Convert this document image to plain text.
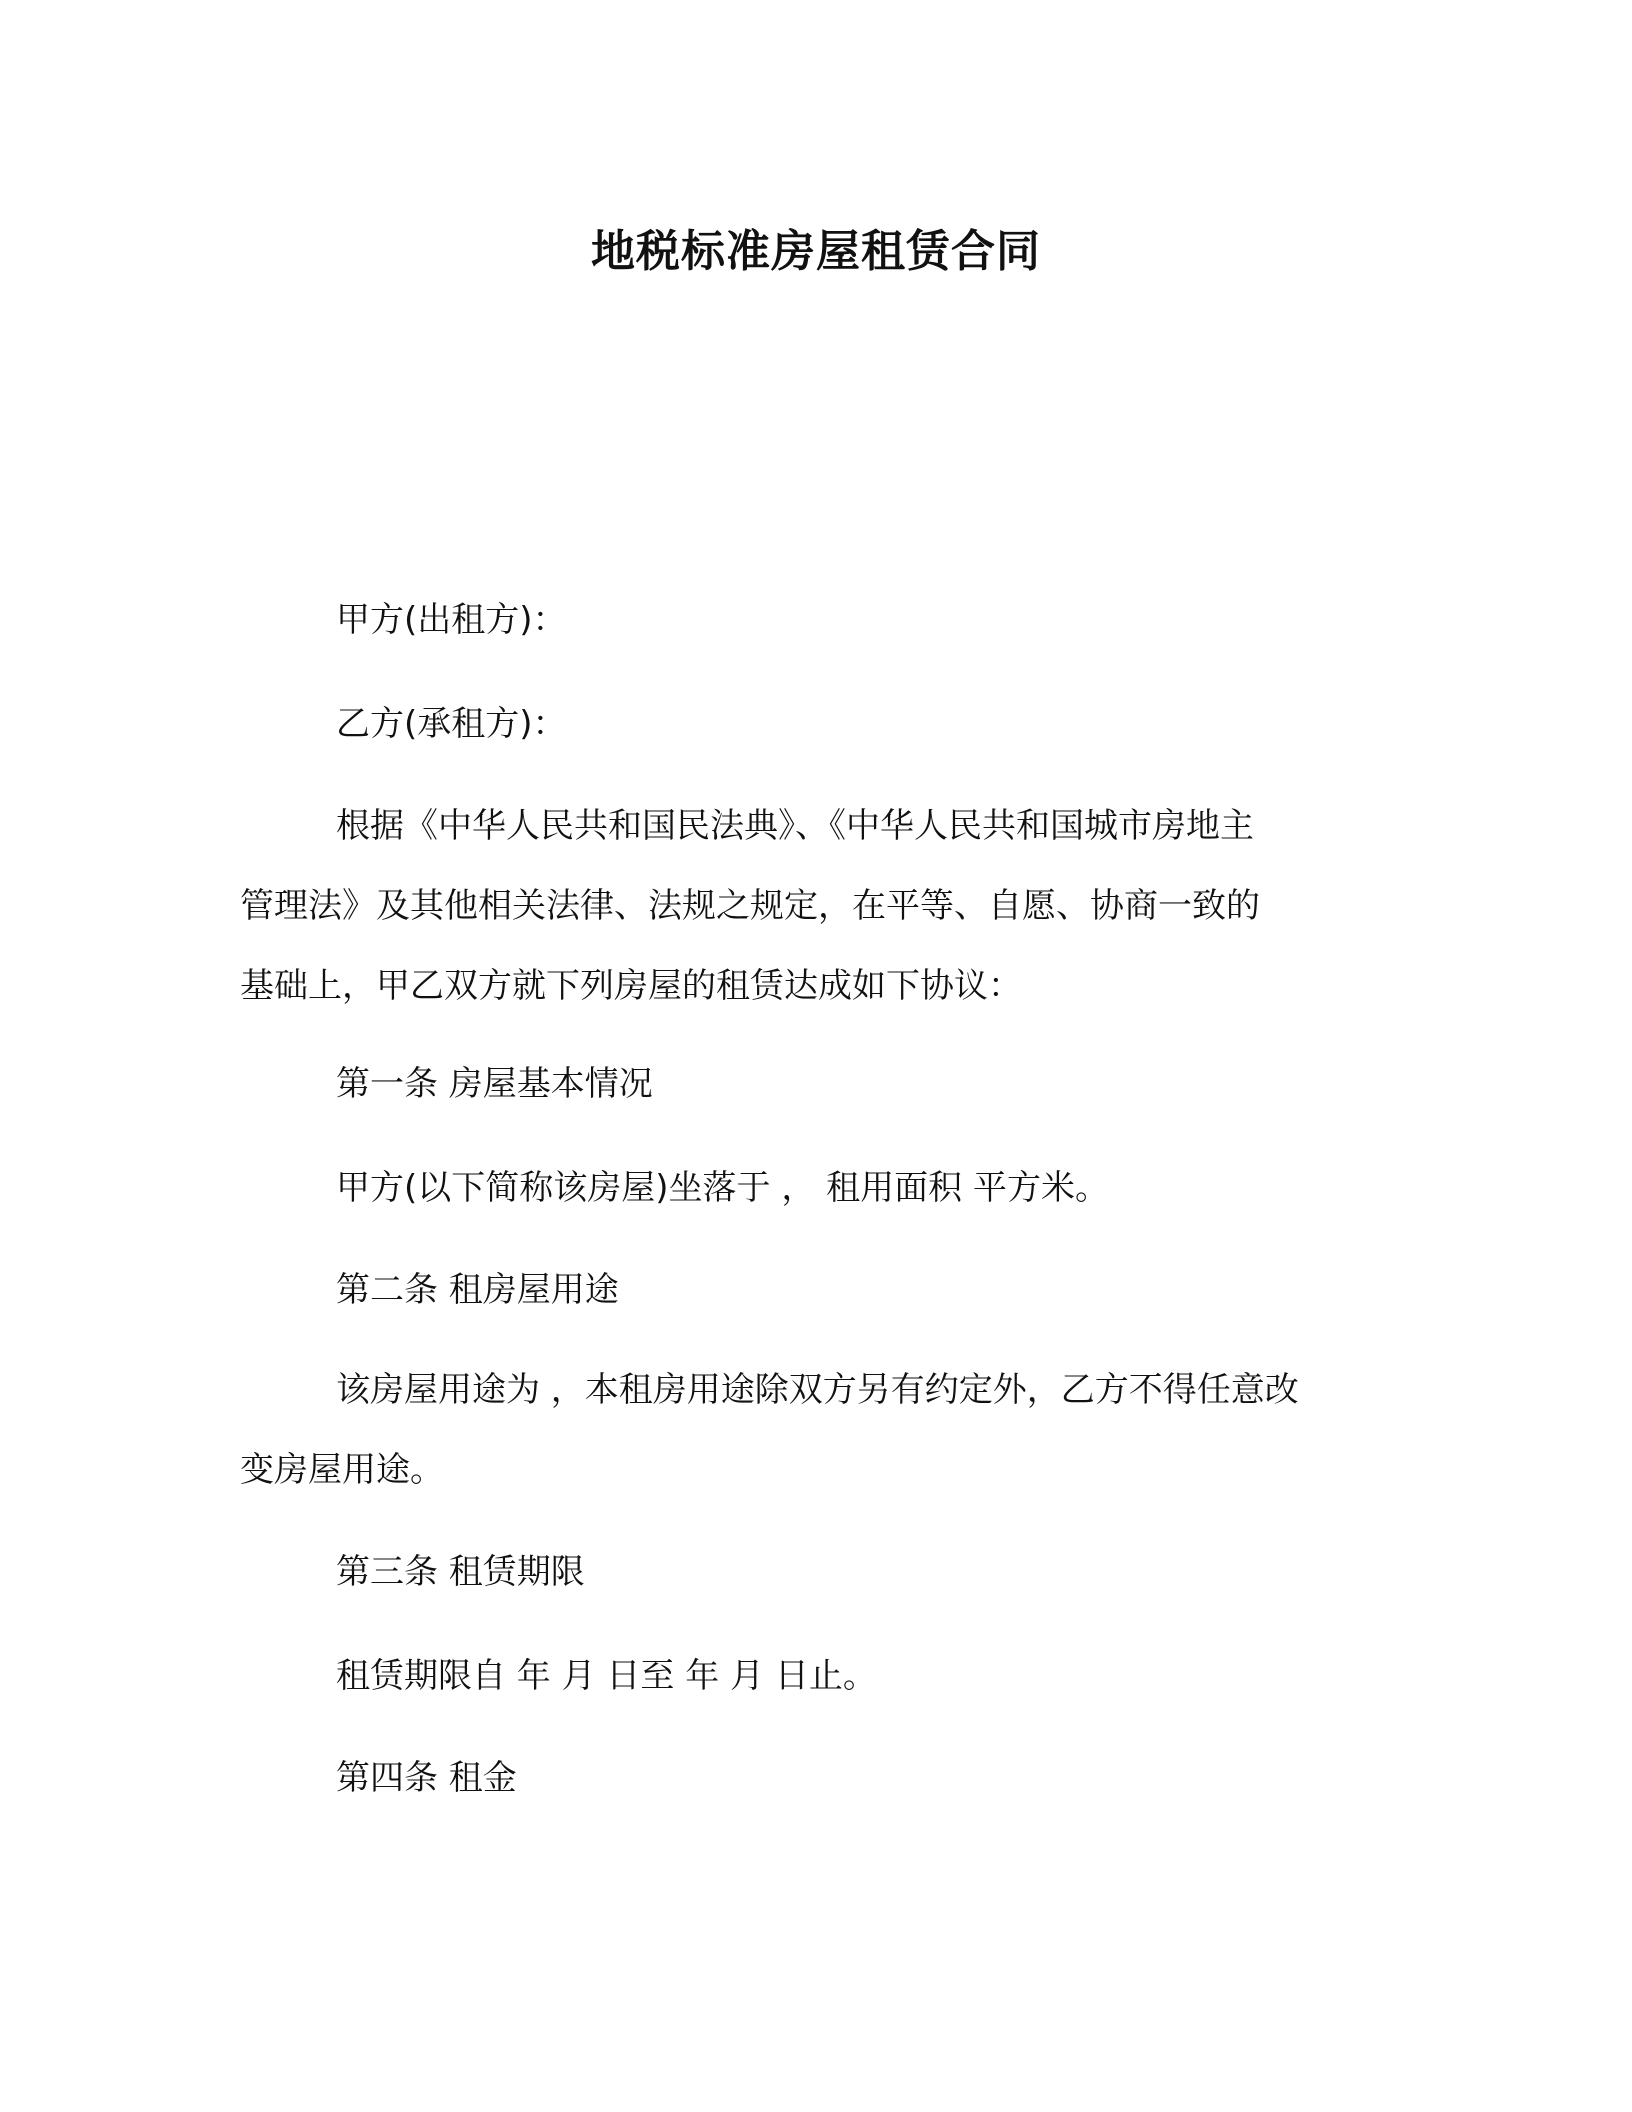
地税标准房屋租赁合同

甲方(出租方)：

乙方(承租方)：

根据《中华人民共和国民法典》、《中华人民共和国城市房地主
管理法》及其他相关法律、法规之规定，在平等、自愿、协商一致的
基础上，甲乙双方就下列房屋的租赁达成如下协议：

第一条 房屋基本情况

甲方(以下简称该房屋)坐落于 ， 租用面积 平方米。

第二条 租房屋用途

该房屋用途为 ，本租房用途除双方另有约定外，乙方不得任意改
变房屋用途。

第三条 租赁期限

租赁期限自 年 月 日至 年 月 日止。

第四条 租金
